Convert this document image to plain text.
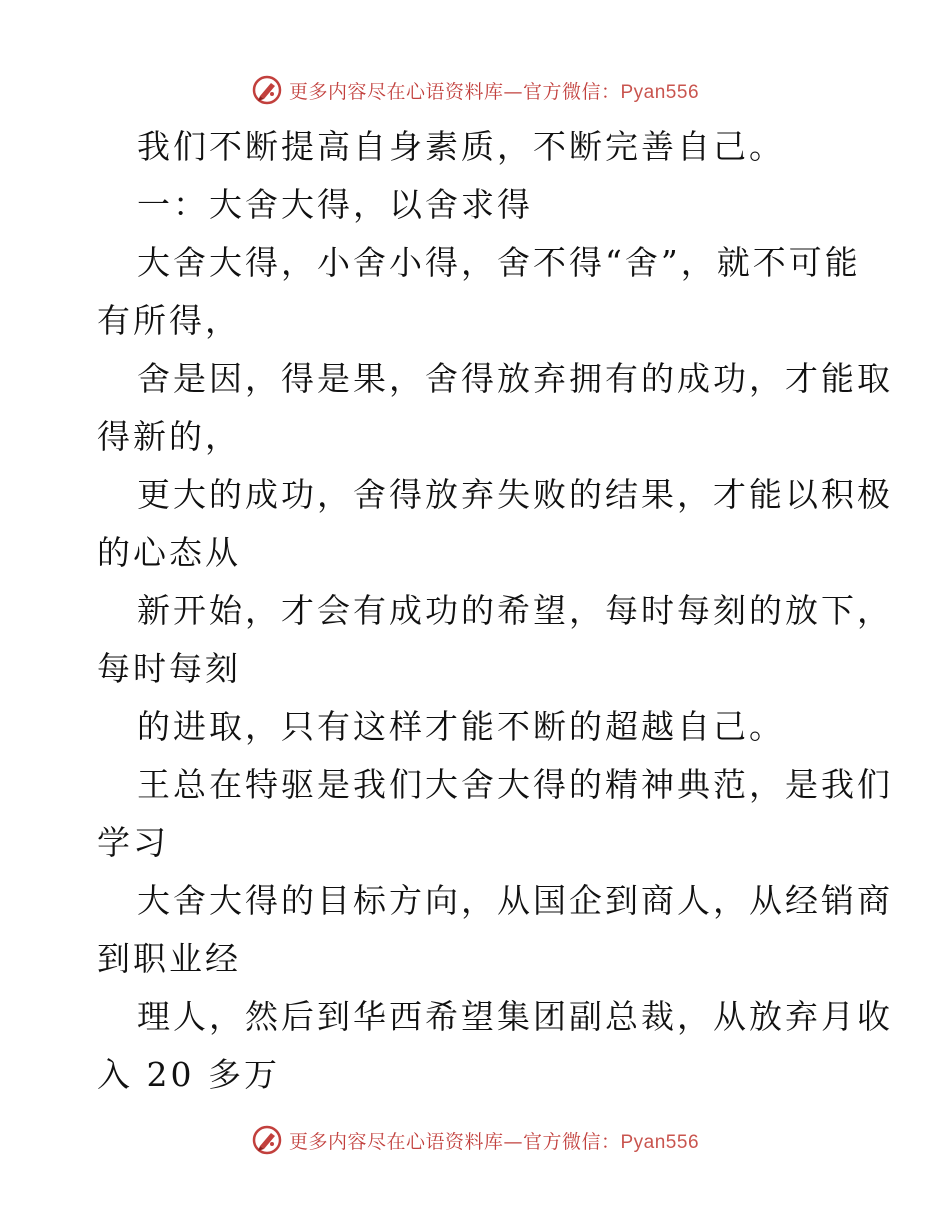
更多内容尽在心语资料库—官方微信：Pyan556
我们不断提高自身素质，不断完善自己。
一：大舍大得，以舍求得
大舍大得，小舍小得，舍不得“舍”，就不可能
有所得，
舍是因，得是果，舍得放弃拥有的成功，才能取
得新的，
更大的成功，舍得放弃失败的结果，才能以积极
的心态从
新开始，才会有成功的希望，每时每刻的放下，
每时每刻
的进取，只有这样才能不断的超越自己。
王总在特驱是我们大舍大得的精神典范，是我们
学习
大舍大得的目标方向，从国企到商人，从经销商
到职业经
理人，然后到华西希望集团副总裁，从放弃月收
入 20 多万
更多内容尽在心语资料库—官方微信：Pyan556
